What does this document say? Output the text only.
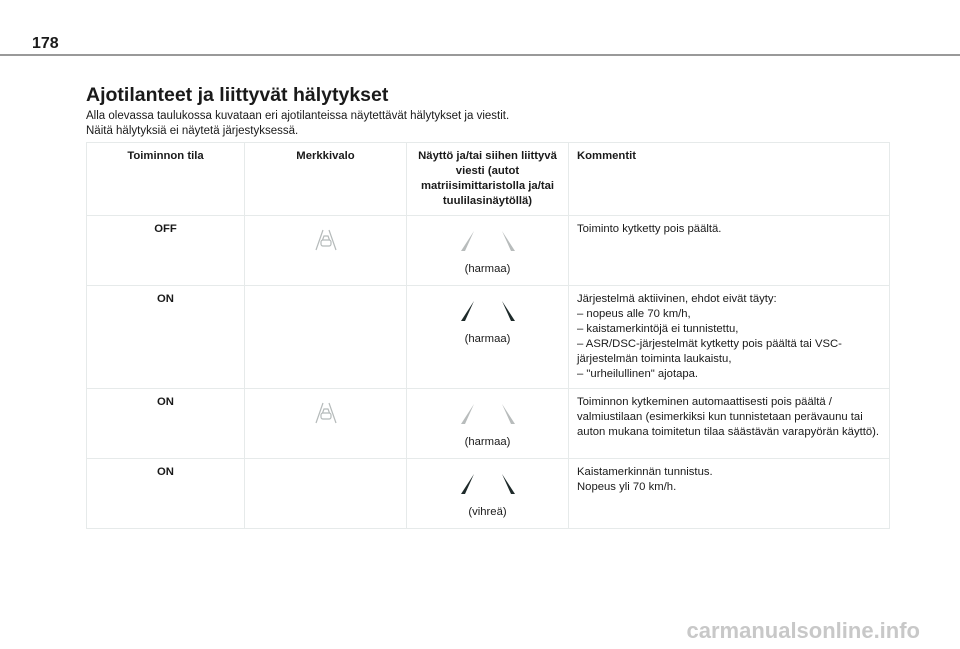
178
Ajotilanteet ja liittyvät hälytykset
Alla olevassa taulukossa kuvataan eri ajotilanteissa näytettävät hälytykset ja viestit.
Näitä hälytyksiä ei näytetä järjestyksessä.
Toiminnon tila	Merkkivalo	Näyttö ja/tai siihen liittyvä viesti (autot matriisimittaristolla ja/tai tuulilasinäytöllä)	Kommentit
OFF		(harmaa)	Toiminto kytketty pois päältä.

ON		(harmaa)	Järjestelmä aktiivinen, ehdot eivät täyty:
– nopeus alle 70 km/h,
– kaistamerkintöjä ei tunnistettu,
– ASR/DSC-järjestelmät kytketty pois päältä tai VSC-järjestelmän toiminta laukaistu,
– "urheilullinen" ajotapa.

ON		(harmaa)	Toiminnon kytkeminen automaattisesti pois päältä / valmiustilaan (esimerkiksi kun tunnistetaan perävaunu tai auton mukana toimitetun tilaa säästävän varapyörän käyttö).

ON		(vihreä)	Kaistamerkinnän tunnistus.
Nopeus yli 70 km/h.
carmanualsonline.info
